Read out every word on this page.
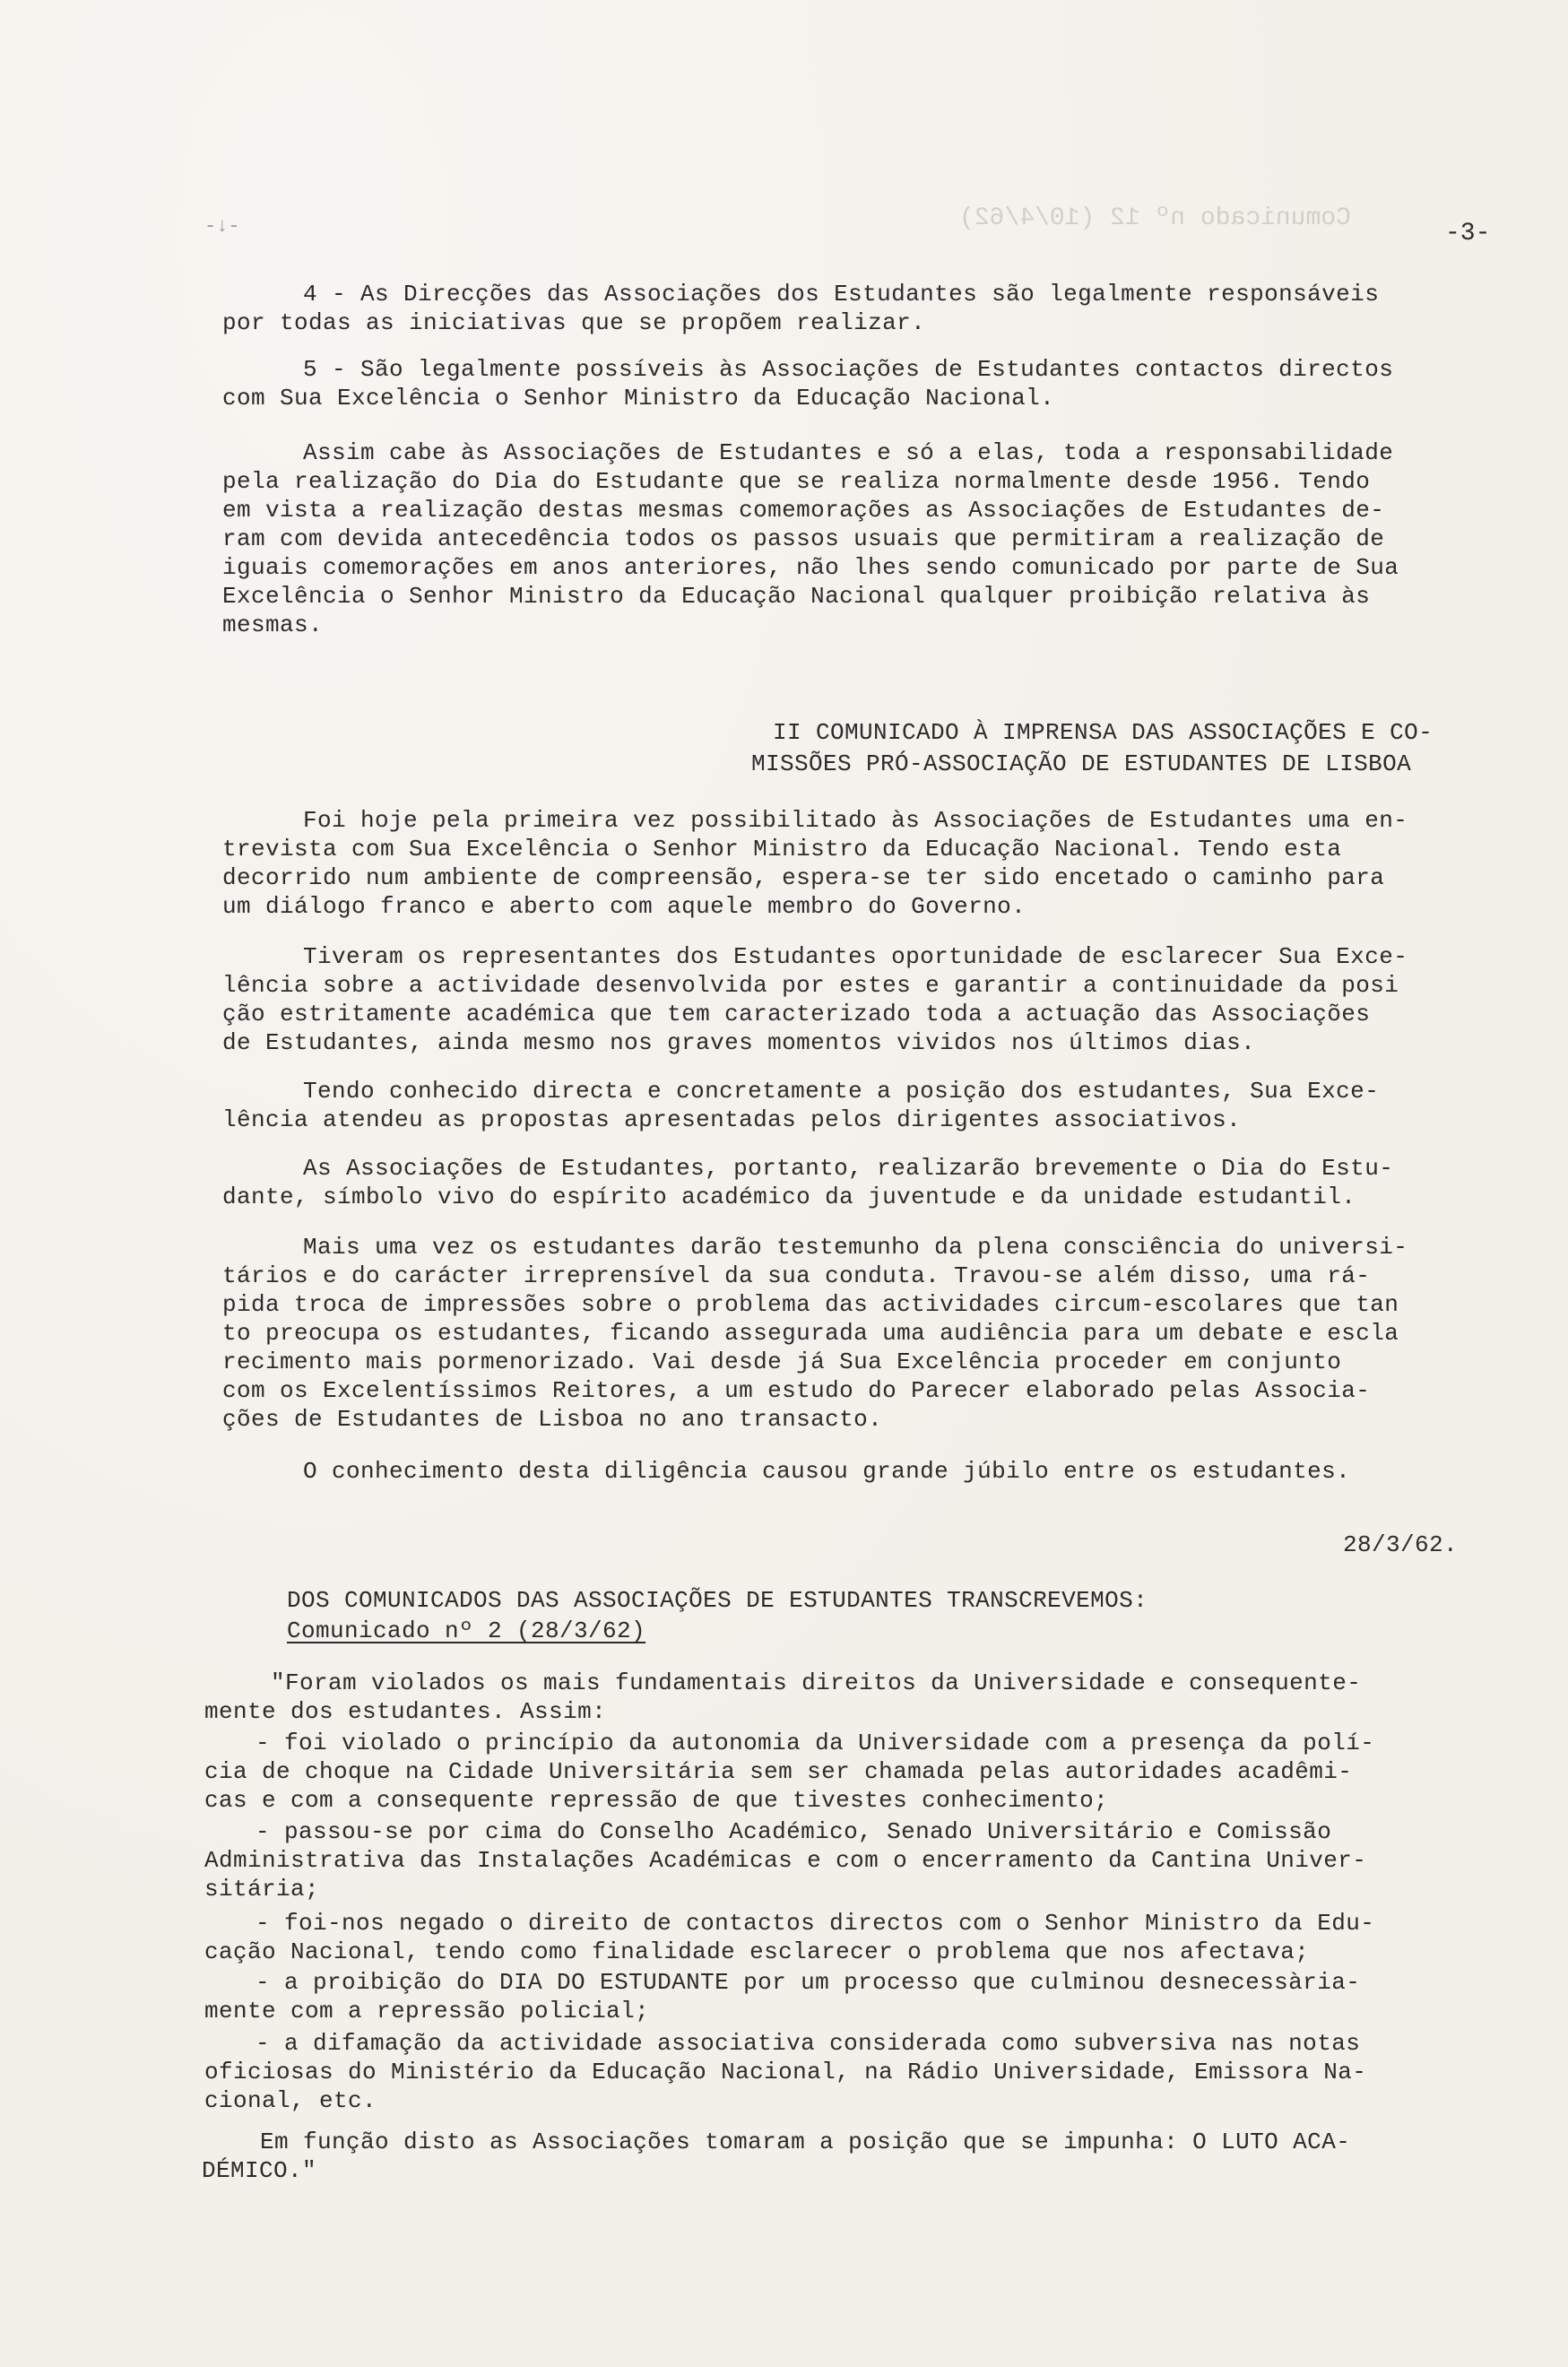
Comunicado nº 12 (10/4/62)
-↓-	-3-
4 - As Direcções das Associações dos Estudantes são legalmente responsáveis
por todas as iniciativas que se propõem realizar.
5 - São legalmente possíveis às Associações de Estudantes contactos directos
com Sua Excelência o Senhor Ministro da Educação Nacional.
Assim cabe às Associações de Estudantes e só a elas, toda a responsabilidade
pela realização do Dia do Estudante que se realiza normalmente desde 1956. Tendo
em vista a realização destas mesmas comemorações as Associações de Estudantes de-
ram com devida antecedência todos os passos usuais que permitiram a realização de
iguais comemorações em anos anteriores, não lhes sendo comunicado por parte de Sua
Excelência o Senhor Ministro da Educação Nacional qualquer proibição relativa às
mesmas.
II COMUNICADO À IMPRENSA DAS ASSOCIAÇÕES E CO-
MISSÕES PRÓ-ASSOCIAÇÃO DE ESTUDANTES DE LISBOA
Foi hoje pela primeira vez possibilitado às Associações de Estudantes uma en-
trevista com Sua Excelência o Senhor Ministro da Educação Nacional. Tendo esta
decorrido num ambiente de compreensão, espera-se ter sido encetado o caminho para
um diálogo franco e aberto com aquele membro do Governo.
Tiveram os representantes dos Estudantes oportunidade de esclarecer Sua Exce-
lência sobre a actividade desenvolvida por estes e garantir a continuidade da posi
ção estritamente académica que tem caracterizado toda a actuação das Associações
de Estudantes, ainda mesmo nos graves momentos vividos nos últimos dias.
Tendo conhecido directa e concretamente a posição dos estudantes, Sua Exce-
lência atendeu as propostas apresentadas pelos dirigentes associativos.
As Associações de Estudantes, portanto, realizarão brevemente o Dia do Estu-
dante, símbolo vivo do espírito académico da juventude e da unidade estudantil.
Mais uma vez os estudantes darão testemunho da plena consciência do universi-
tários e do carácter irreprensível da sua conduta. Travou-se além disso, uma rá-
pida troca de impressões sobre o problema das actividades circum-escolares que tan
to preocupa os estudantes, ficando assegurada uma audiência para um debate e escla
recimento mais pormenorizado. Vai desde já Sua Excelência proceder em conjunto
com os Excelentíssimos Reitores, a um estudo do Parecer elaborado pelas Associa-
ções de Estudantes de Lisboa no ano transacto.
O conhecimento desta diligência causou grande júbilo entre os estudantes.
28/3/62.
DOS COMUNICADOS DAS ASSOCIAÇÕES DE ESTUDANTES TRANSCREVEMOS:
Comunicado nº 2 (28/3/62)
"Foram violados os mais fundamentais direitos da Universidade e consequente-
mente dos estudantes. Assim:
- foi violado o princípio da autonomia da Universidade com a presença da polí-
cia de choque na Cidade Universitária sem ser chamada pelas autoridades acadêmi-
cas e com a consequente repressão de que tivestes conhecimento;
- passou-se por cima do Conselho Académico, Senado Universitário e Comissão
Administrativa das Instalações Académicas e com o encerramento da Cantina Univer-
sitária;
- foi-nos negado o direito de contactos directos com o Senhor Ministro da Edu-
cação Nacional, tendo como finalidade esclarecer o problema que nos afectava;
- a proibição do DIA DO ESTUDANTE por um processo que culminou desnecessària-
mente com a repressão policial;
- a difamação da actividade associativa considerada como subversiva nas notas
oficiosas do Ministério da Educação Nacional, na Rádio Universidade, Emissora Na-
cional, etc.
Em função disto as Associações tomaram a posição que se impunha: O LUTO ACA-
DÉMICO."
